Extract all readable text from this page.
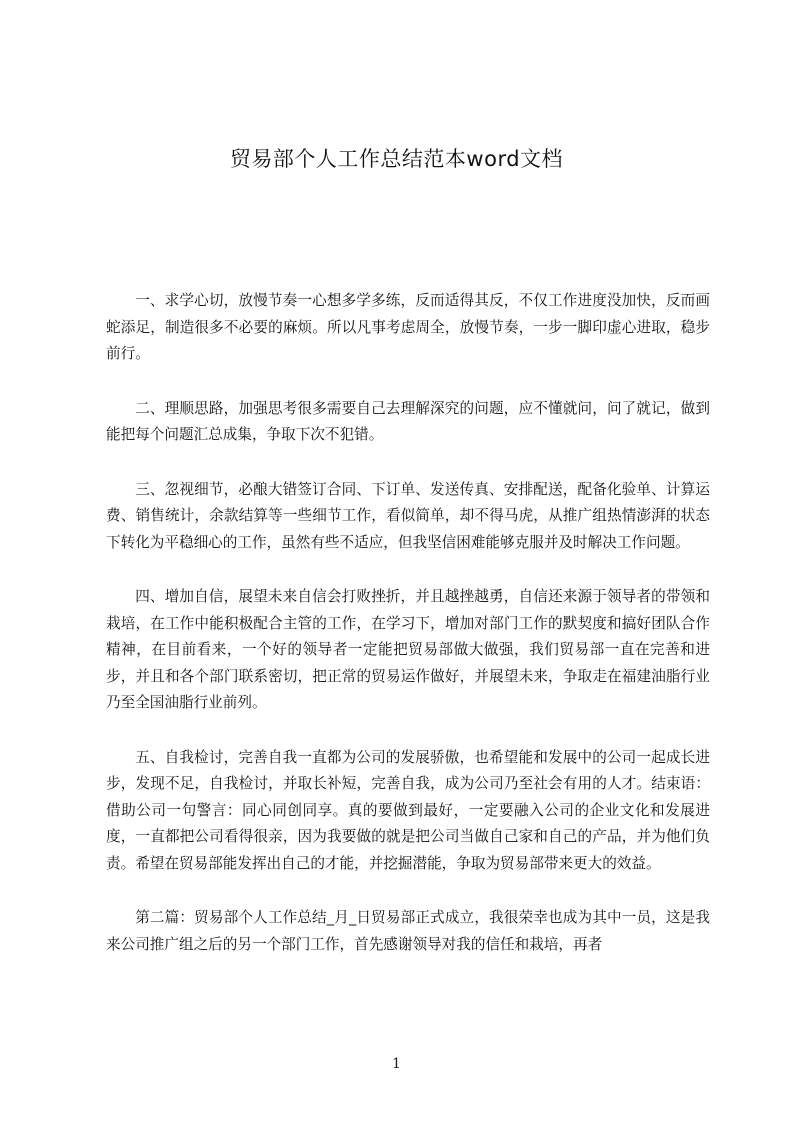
贸易部个人工作总结范本word文档

一、求学心切，放慢节奏一心想多学多练，反而适得其反，不仅工作进度没加快，反而画蛇添足，制造很多不必要的麻烦。所以凡事考虑周全，放慢节奏，一步一脚印虚心进取，稳步前行。

二、理顺思路，加强思考很多需要自己去理解深究的问题，应不懂就问，问了就记，做到能把每个问题汇总成集，争取下次不犯错。

三、忽视细节，必酿大错签订合同、下订单、发送传真、安排配送，配备化验单、计算运费、销售统计，余款结算等一些细节工作，看似简单，却不得马虎，从推广组热情澎湃的状态下转化为平稳细心的工作，虽然有些不适应，但我坚信困难能够克服并及时解决工作问题。

四、增加自信，展望未来自信会打败挫折，并且越挫越勇，自信还来源于领导者的带领和栽培，在工作中能积极配合主管的工作，在学习下，增加对部门工作的默契度和搞好团队合作精神，在目前看来，一个好的领导者一定能把贸易部做大做强，我们贸易部一直在完善和进步，并且和各个部门联系密切，把正常的贸易运作做好，并展望未来，争取走在福建油脂行业乃至全国油脂行业前列。

五、自我检讨，完善自我一直都为公司的发展骄傲，也希望能和发展中的公司一起成长进步，发现不足，自我检讨，并取长补短，完善自我，成为公司乃至社会有用的人才。结束语：借助公司一句警言：同心同创同享。真的要做到最好，一定要融入公司的企业文化和发展进度，一直都把公司看得很亲，因为我要做的就是把公司当做自己家和自己的产品，并为他们负责。希望在贸易部能发挥出自己的才能，并挖掘潜能，争取为贸易部带来更大的效益。

第二篇：贸易部个人工作总结_月_日贸易部正式成立，我很荣幸也成为其中一员，这是我来公司推广组之后的另一个部门工作，首先感谢领导对我的信任和栽培，再者

1
